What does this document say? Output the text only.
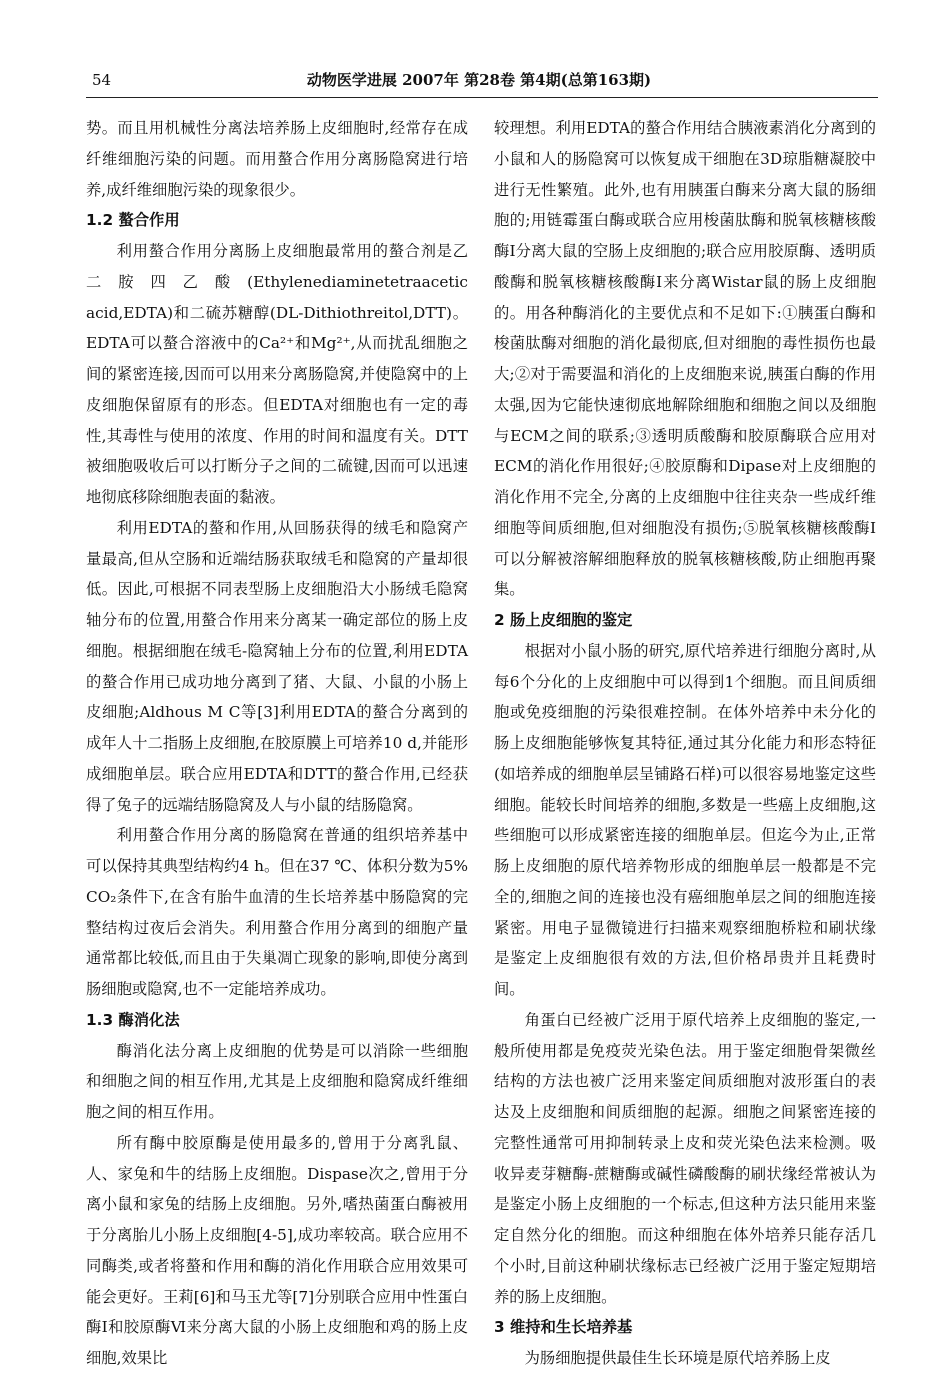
54	动物医学进展 2007年 第28卷 第4期(总第163期)

势。而且用机械性分离法培养肠上皮细胞时,经常存在成纤维细胞污染的问题。而用螯合作用分离肠隐窝进行培养,成纤维细胞污染的现象很少。

1.2 螯合作用

利用螯合作用分离肠上皮细胞最常用的螯合剂是乙二胺四乙酸(Ethylenediaminetetraacetic acid,EDTA)和二硫苏糖醇(DL-Dithiothreitol,DTT)。EDTA可以螯合溶液中的Ca²⁺和Mg²⁺,从而扰乱细胞之间的紧密连接,因而可以用来分离肠隐窝,并使隐窝中的上皮细胞保留原有的形态。但EDTA对细胞也有一定的毒性,其毒性与使用的浓度、作用的时间和温度有关。DTT被细胞吸收后可以打断分子之间的二硫键,因而可以迅速地彻底移除细胞表面的黏液。

利用EDTA的螯和作用,从回肠获得的绒毛和隐窝产量最高,但从空肠和近端结肠获取绒毛和隐窝的产量却很低。因此,可根据不同表型肠上皮细胞沿大小肠绒毛隐窝轴分布的位置,用螯合作用来分离某一确定部位的肠上皮细胞。根据细胞在绒毛-隐窝轴上分布的位置,利用EDTA的螯合作用已成功地分离到了猪、大鼠、小鼠的小肠上皮细胞;Aldhous M C等[3]利用EDTA的螯合分离到的成年人十二指肠上皮细胞,在胶原膜上可培养10 d,并能形成细胞单层。联合应用EDTA和DTT的螯合作用,已经获得了兔子的远端结肠隐窝及人与小鼠的结肠隐窝。

利用螯合作用分离的肠隐窝在普通的组织培养基中可以保持其典型结构约4 h。但在37 ℃、体积分数为5% CO₂条件下,在含有胎牛血清的生长培养基中肠隐窝的完整结构过夜后会消失。利用螯合作用分离到的细胞产量通常都比较低,而且由于失巢凋亡现象的影响,即使分离到肠细胞或隐窝,也不一定能培养成功。

1.3 酶消化法

酶消化法分离上皮细胞的优势是可以消除一些细胞和细胞之间的相互作用,尤其是上皮细胞和隐窝成纤维细胞之间的相互作用。

所有酶中胶原酶是使用最多的,曾用于分离乳鼠、人、家兔和牛的结肠上皮细胞。Dispase次之,曾用于分离小鼠和家兔的结肠上皮细胞。另外,嗜热菌蛋白酶被用于分离胎儿小肠上皮细胞[4-5],成功率较高。联合应用不同酶类,或者将螯和作用和酶的消化作用联合应用效果可能会更好。王莉[6]和马玉尤等[7]分别联合应用中性蛋白酶Ⅰ和胶原酶Ⅵ来分离大鼠的小肠上皮细胞和鸡的肠上皮细胞,效果比

较理想。利用EDTA的螯合作用结合胰液素消化分离到的小鼠和人的肠隐窝可以恢复成干细胞在3D琼脂糖凝胶中进行无性繁殖。此外,也有用胰蛋白酶来分离大鼠的肠细胞的;用链霉蛋白酶或联合应用梭菌肽酶和脱氧核糖核酸酶Ⅰ分离大鼠的空肠上皮细胞的;联合应用胶原酶、透明质酸酶和脱氧核糖核酸酶Ⅰ来分离Wistar鼠的肠上皮细胞的。用各种酶消化的主要优点和不足如下:①胰蛋白酶和梭菌肽酶对细胞的消化最彻底,但对细胞的毒性损伤也最大;②对于需要温和消化的上皮细胞来说,胰蛋白酶的作用太强,因为它能快速彻底地解除细胞和细胞之间以及细胞与ECM之间的联系;③透明质酸酶和胶原酶联合应用对ECM的消化作用很好;④胶原酶和Dipase对上皮细胞的消化作用不完全,分离的上皮细胞中往往夹杂一些成纤维细胞等间质细胞,但对细胞没有损伤;⑤脱氧核糖核酸酶Ⅰ可以分解被溶解细胞释放的脱氧核糖核酸,防止细胞再聚集。

2 肠上皮细胞的鉴定

根据对小鼠小肠的研究,原代培养进行细胞分离时,从每6个分化的上皮细胞中可以得到1个细胞。而且间质细胞或免疫细胞的污染很难控制。在体外培养中未分化的肠上皮细胞能够恢复其特征,通过其分化能力和形态特征(如培养成的细胞单层呈铺路石样)可以很容易地鉴定这些细胞。能较长时间培养的细胞,多数是一些癌上皮细胞,这些细胞可以形成紧密连接的细胞单层。但迄今为止,正常肠上皮细胞的原代培养物形成的细胞单层一般都是不完全的,细胞之间的连接也没有癌细胞单层之间的细胞连接紧密。用电子显微镜进行扫描来观察细胞桥粒和刷状缘是鉴定上皮细胞很有效的方法,但价格昂贵并且耗费时间。

角蛋白已经被广泛用于原代培养上皮细胞的鉴定,一般所使用都是免疫荧光染色法。用于鉴定细胞骨架微丝结构的方法也被广泛用来鉴定间质细胞对波形蛋白的表达及上皮细胞和间质细胞的起源。细胞之间紧密连接的完整性通常可用抑制转录上皮和荧光染色法来检测。吸收异麦芽糖酶-蔗糖酶或碱性磷酸酶的刷状缘经常被认为是鉴定小肠上皮细胞的一个标志,但这种方法只能用来鉴定自然分化的细胞。而这种细胞在体外培养只能存活几个小时,目前这种刷状缘标志已经被广泛用于鉴定短期培养的肠上皮细胞。

3 维持和生长培养基

为肠细胞提供最佳生长环境是原代培养肠上皮
